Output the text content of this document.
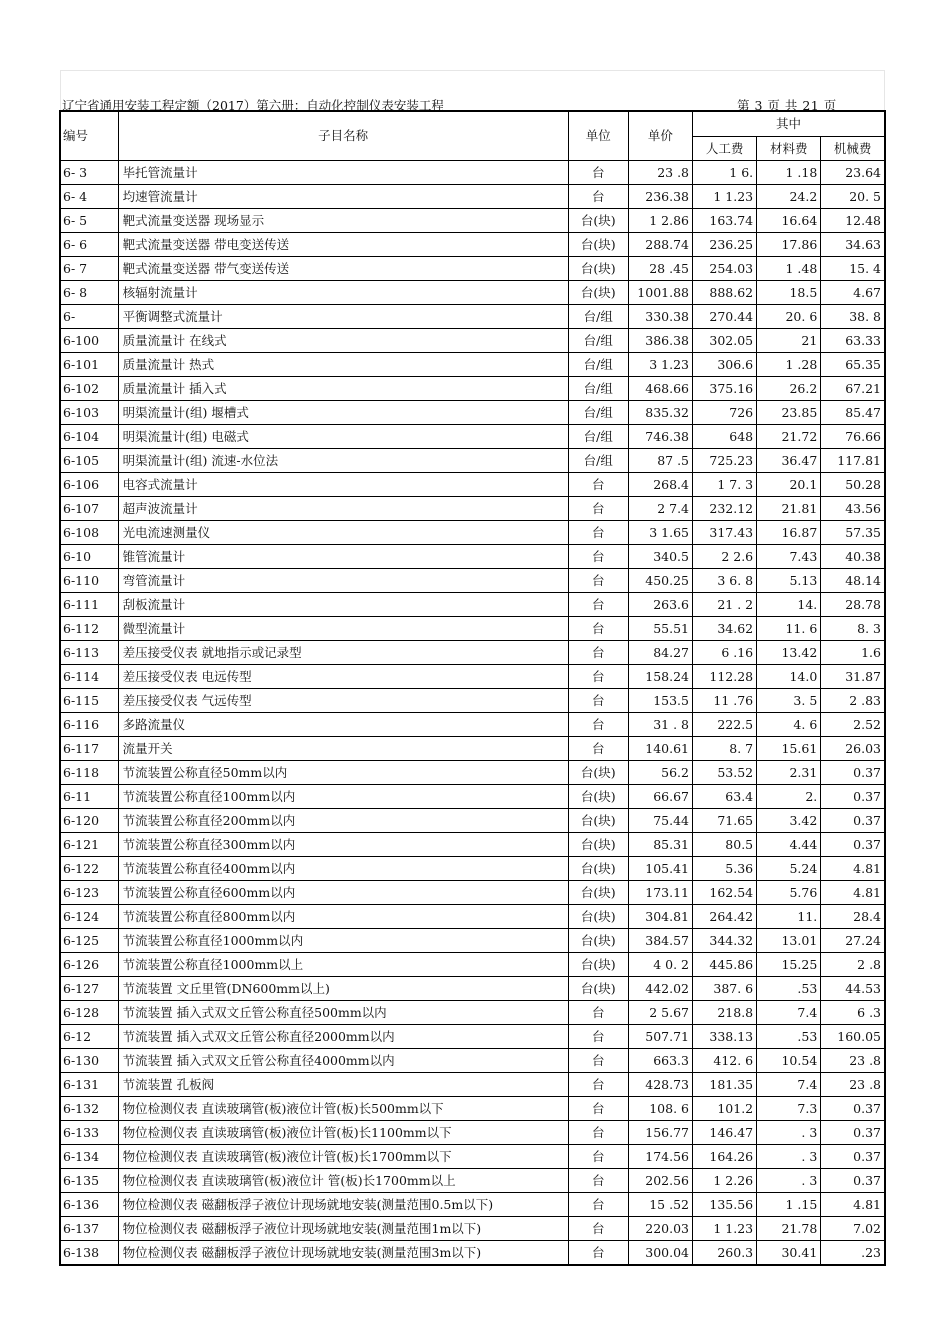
辽宁省通用安装工程定额（2017）第六册：自动化控制仪表安装工程	第 3 页 共 21 页
编号	子目名称	单位	单价	其中		
				人工费	材料费	机械费
6- 3	毕托管流量计	台	23 .8	1 6.	1 .18	23.64
6- 4	均速管流量计	台	236.38	1 1.23	24.2	20. 5
6- 5	靶式流量变送器 现场显示	台(块)	1 2.86	163.74	16.64	12.48
6- 6	靶式流量变送器 带电变送传送	台(块)	288.74	236.25	17.86	34.63
6- 7	靶式流量变送器 带气变送传送	台(块)	28 .45	254.03	1 .48	15. 4
6- 8	核辐射流量计	台(块)	1001.88	888.62	18.5	4.67
6-	平衡调整式流量计	台/组	330.38	270.44	20. 6	38. 8
6-100	质量流量计 在线式	台/组	386.38	302.05	21	63.33
6-101	质量流量计 热式	台/组	3 1.23	306.6	1 .28	65.35
6-102	质量流量计 插入式	台/组	468.66	375.16	26.2	67.21
6-103	明渠流量计(组) 堰槽式	台/组	835.32	726	23.85	85.47
6-104	明渠流量计(组) 电磁式	台/组	746.38	648	21.72	76.66
6-105	明渠流量计(组) 流速-水位法	台/组	87 .5	725.23	36.47	117.81
6-106	电容式流量计	台	268.4	1 7. 3	20.1	50.28
6-107	超声波流量计	台	2 7.4	232.12	21.81	43.56
6-108	光电流速测量仪	台	3 1.65	317.43	16.87	57.35
6-10	锥管流量计	台	340.5	2 2.6	7.43	40.38
6-110	弯管流量计	台	450.25	3 6. 8	5.13	48.14
6-111	刮板流量计	台	263.6	21 . 2	14.	28.78
6-112	微型流量计	台	55.51	34.62	11. 6	8. 3
6-113	差压接受仪表 就地指示或记录型	台	84.27	6 .16	13.42	1.6
6-114	差压接受仪表 电远传型	台	158.24	112.28	14.0	31.87
6-115	差压接受仪表 气远传型	台	153.5	11 .76	3. 5	2 .83
6-116	多路流量仪	台	31 . 8	222.5	4. 6	2.52
6-117	流量开关	台	140.61	8. 7	15.61	26.03
6-118	节流装置公称直径50mm以内	台(块)	56.2	53.52	2.31	0.37
6-11	节流装置公称直径100mm以内	台(块)	66.67	63.4	2.	0.37
6-120	节流装置公称直径200mm以内	台(块)	75.44	71.65	3.42	0.37
6-121	节流装置公称直径300mm以内	台(块)	85.31	80.5	4.44	0.37
6-122	节流装置公称直径400mm以内	台(块)	105.41	5.36	5.24	4.81
6-123	节流装置公称直径600mm以内	台(块)	173.11	162.54	5.76	4.81
6-124	节流装置公称直径800mm以内	台(块)	304.81	264.42	11.	28.4
6-125	节流装置公称直径1000mm以内	台(块)	384.57	344.32	13.01	27.24
6-126	节流装置公称直径1000mm以上	台(块)	4 0. 2	445.86	15.25	2 .8
6-127	节流装置 文丘里管(DN600mm以上)	台(块)	442.02	387. 6	.53	44.53
6-128	节流装置 插入式双文丘管公称直径500mm以内	台	2 5.67	218.8	7.4	6 .3
6-12	节流装置 插入式双文丘管公称直径2000mm以内	台	507.71	338.13	.53	160.05
6-130	节流装置 插入式双文丘管公称直径4000mm以内	台	663.3	412. 6	10.54	23 .8
6-131	节流装置 孔板阀	台	428.73	181.35	7.4	23 .8
6-132	物位检测仪表 直读玻璃管(板)液位计管(板)长500mm以下	台	108. 6	101.2	7.3	0.37
6-133	物位检测仪表 直读玻璃管(板)液位计管(板)长1100mm以下	台	156.77	146.47	. 3	0.37
6-134	物位检测仪表 直读玻璃管(板)液位计管(板)长1700mm以下	台	174.56	164.26	. 3	0.37
6-135	物位检测仪表 直读玻璃管(板)液位计 管(板)长1700mm以上	台	202.56	1 2.26	. 3	0.37
6-136	物位检测仪表 磁翻板浮子液位计现场就地安装(测量范围0.5m以下)	台	15 .52	135.56	1 .15	4.81
6-137	物位检测仪表 磁翻板浮子液位计现场就地安装(测量范围1m以下)	台	220.03	1 1.23	21.78	7.02
6-138	物位检测仪表 磁翻板浮子液位计现场就地安装(测量范围3m以下)	台	300.04	260.3	30.41	.23
